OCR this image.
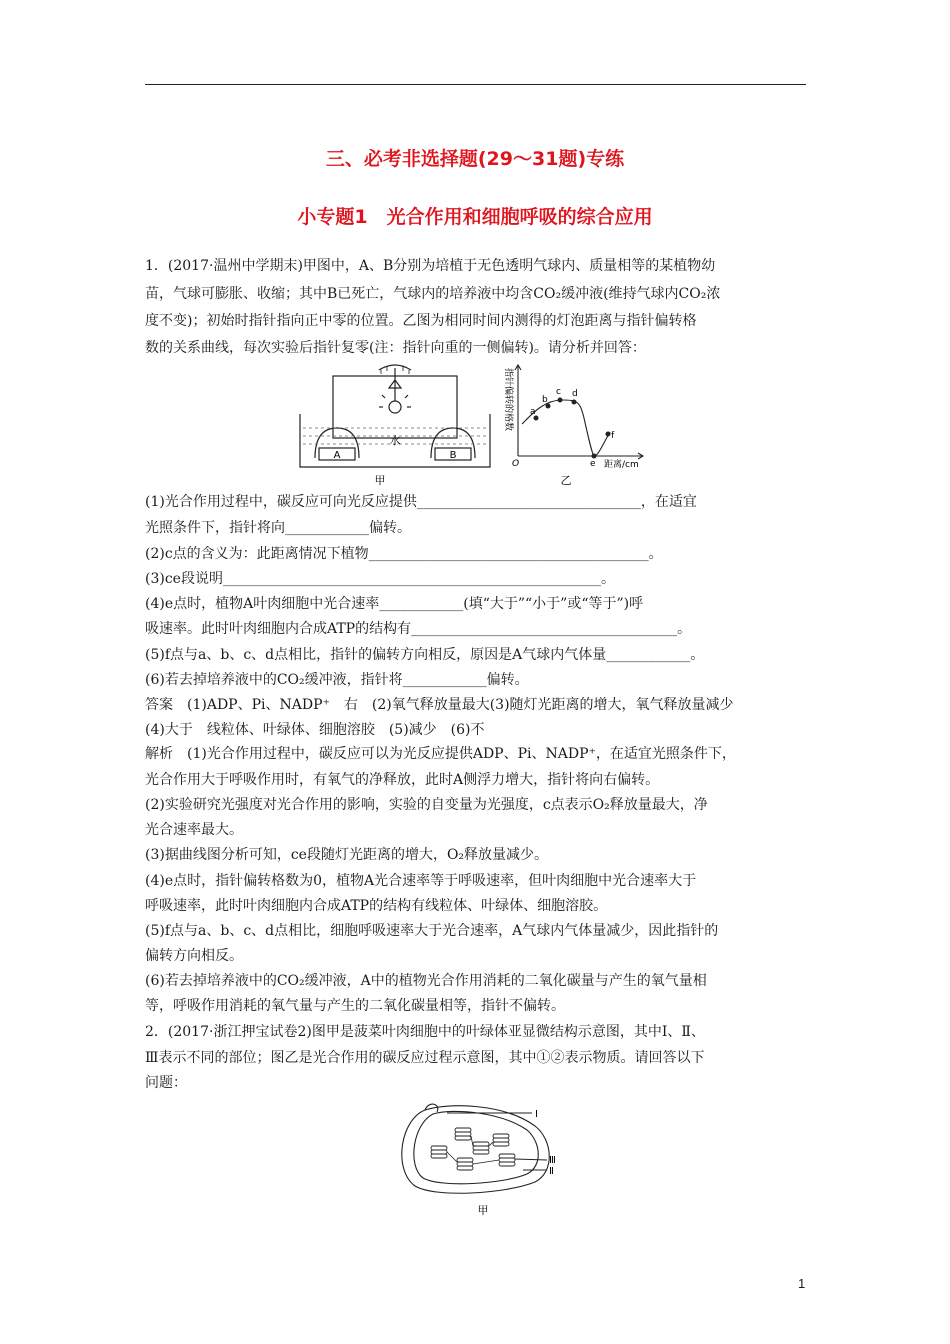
三、必考非选择题(29～31题)专练
小专题1　光合作用和细胞呼吸的综合应用
1．(2017·温州中学期末)甲图中，A、B分别为培植于无色透明气球内、质量相等的某植物幼
苗，气球可膨胀、收缩；其中B已死亡，气球内的培养液中均含CO₂缓冲液(维持气球内CO₂浓
度不变)；初始时指针指向正中零的位置。乙图为相同时间内测得的灯泡距离与指针偏转格
数的关系曲线，每次实验后指针复零(注：指针向重的一侧偏转)。请分析并回答：
水
A	B
甲
a
b
c d
e
f
O	距离/cm
指针偏转的格数
乙
(1)光合作用过程中，碳反应可向光反应提供________________________________，在适宜
光照条件下，指针将向____________偏转。
(2)c点的含义为：此距离情况下植物________________________________________。
(3)ce段说明______________________________________________________。
(4)e点时，植物A叶肉细胞中光合速率____________(填“大于”“小于”或“等于”)呼
吸速率。此时叶肉细胞内合成ATP的结构有______________________________________。
(5)f点与a、b、c、d点相比，指针的偏转方向相反，原因是A气球内气体量____________。
(6)若去掉培养液中的CO₂缓冲液，指针将____________偏转。
答案　(1)ADP、Pi、NADP⁺　右　(2)氧气释放量最大(3)随灯光距离的增大，氧气释放量减少
(4)大于　线粒体、叶绿体、细胞溶胶　(5)减少　(6)不
解析　(1)光合作用过程中，碳反应可以为光反应提供ADP、Pi、NADP⁺，在适宜光照条件下，
光合作用大于呼吸作用时，有氧气的净释放，此时A侧浮力增大，指针将向右偏转。
(2)实验研究光强度对光合作用的影响，实验的自变量为光强度，c点表示O₂释放量最大，净
光合速率最大。
(3)据曲线图分析可知，ce段随灯光距离的增大，O₂释放量减少。
(4)e点时，指针偏转格数为0，植物A光合速率等于呼吸速率，但叶肉细胞中光合速率大于
呼吸速率，此时叶肉细胞内合成ATP的结构有线粒体、叶绿体、细胞溶胶。
(5)f点与a、b、c、d点相比，细胞呼吸速率大于光合速率，A气球内气体量减少，因此指针的
偏转方向相反。
(6)若去掉培养液中的CO₂缓冲液，A中的植物光合作用消耗的二氧化碳量与产生的氧气量相
等，呼吸作用消耗的氧气量与产生的二氧化碳量相等，指针不偏转。
2．(2017·浙江押宝试卷2)图甲是菠菜叶肉细胞中的叶绿体亚显微结构示意图，其中Ⅰ、Ⅱ、
Ⅲ表示不同的部位；图乙是光合作用的碳反应过程示意图，其中①②表示物质。请回答以下
问题：
Ⅰ
Ⅲ
Ⅱ
甲
1
